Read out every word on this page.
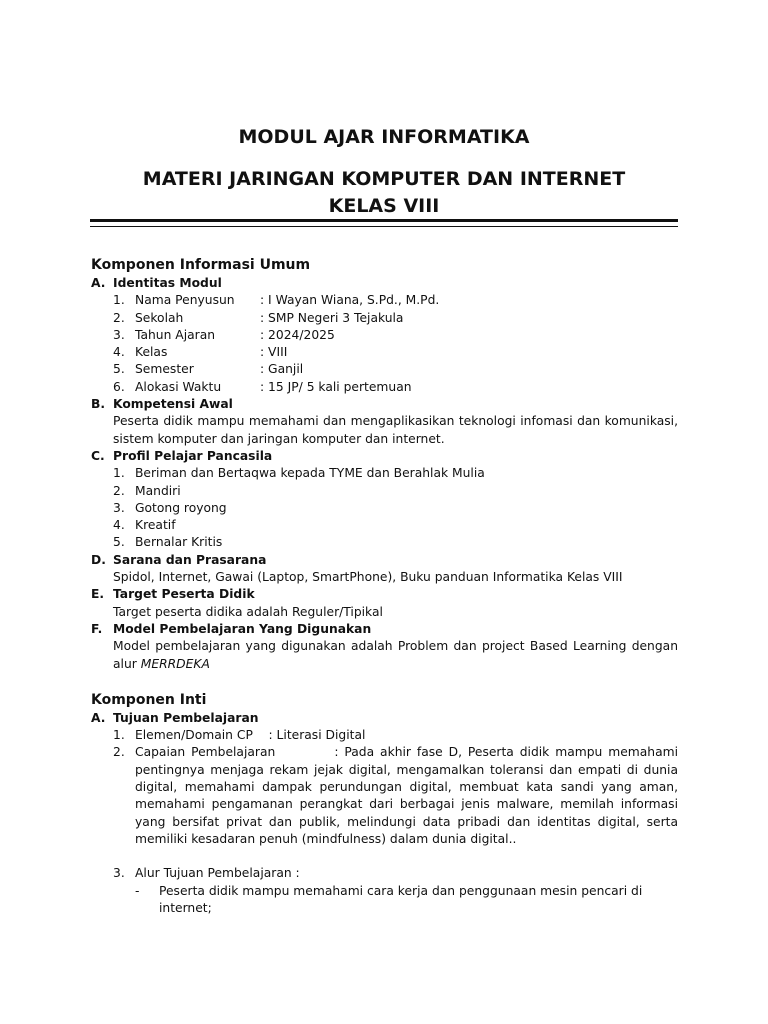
MODUL AJAR INFORMATIKA
MATERI JARINGAN KOMPUTER DAN INTERNET
KELAS VIII
Komponen Informasi Umum
A. Identitas Modul
	1.	Nama Penyusun	: I Wayan Wiana, S.Pd., M.Pd.
	2.	Sekolah	: SMP Negeri 3 Tejakula
	3.	Tahun Ajaran	: 2024/2025
	4.	Kelas	: VIII
	5.	Semester	: Ganjil
	6.	Alokasi Waktu	: 15 JP/ 5 kali pertemuan
B. Kompetensi Awal
Peserta didik mampu memahami dan mengaplikasikan teknologi infomasi dan komunikasi, sistem komputer dan jaringan komputer dan internet.
C. Profil Pelajar Pancasila
1. Beriman dan Bertaqwa kepada TYME dan Berahlak Mulia
2. Mandiri
3. Gotong royong
4. Kreatif
5. Bernalar Kritis
D. Sarana dan Prasarana
Spidol, Internet, Gawai (Laptop, SmartPhone), Buku panduan Informatika Kelas VIII
E. Target Peserta Didik
Target peserta didika adalah Reguler/Tipikal
F. Model Pembelajaran Yang Digunakan
Model pembelajaran yang digunakan adalah Problem dan project Based Learning dengan alur MERRDEKA
Komponen Inti
A. Tujuan Pembelajaran
1. Elemen/Domain CP    : Literasi Digital
2. Capaian Pembelajaran          : Pada akhir fase D, Peserta didik mampu memahami pentingnya menjaga rekam jejak digital, mengamalkan toleransi dan empati di dunia digital, memahami dampak perundungan digital, membuat kata sandi yang aman, memahami pengamanan perangkat dari berbagai jenis malware, memilah informasi yang bersifat privat dan publik, melindungi data pribadi dan identitas digital, serta memiliki kesadaran penuh (mindfulness) dalam dunia digital..
3. Alur Tujuan Pembelajaran :
- Peserta didik mampu memahami cara kerja dan penggunaan mesin pencari di internet;
